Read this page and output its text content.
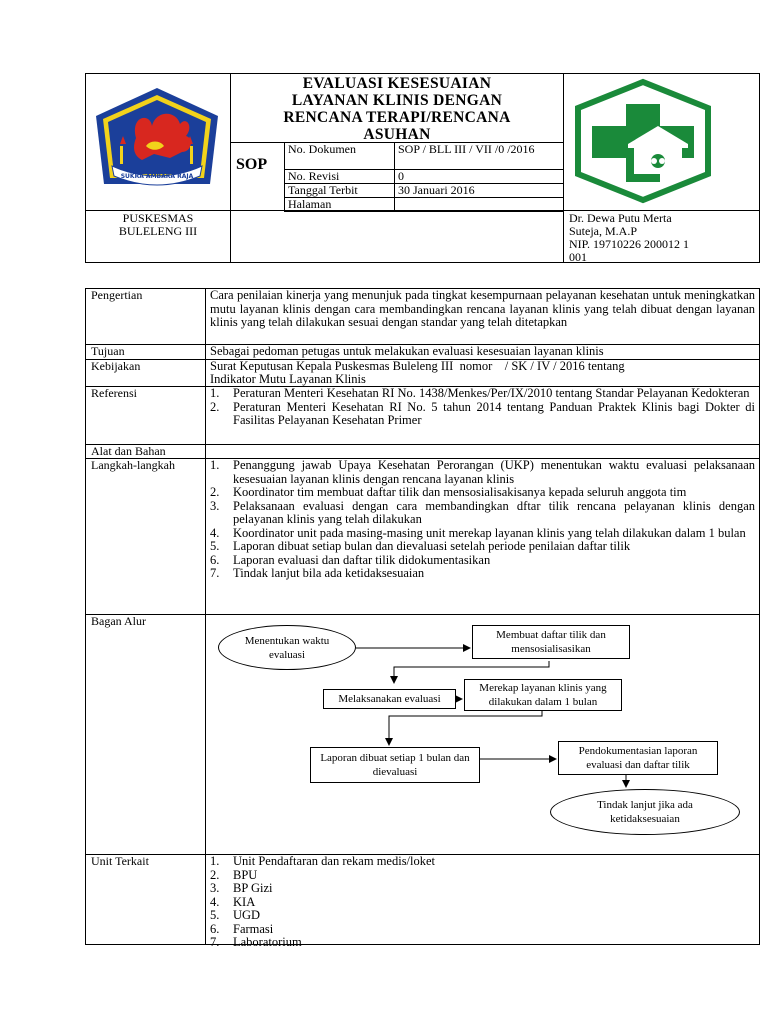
SUKRA AMBARA RAJA
EVALUASI KESESUAIAN
LAYANAN KLINIS DENGAN
RENCANA TERAPI/RENCANA
ASUHAN
SOP
No. Dokumen	SOP / BLL III / VII /0 /2016
No. Revisi	0
Tanggal Terbit	30 Januari 2016
Halaman	
PUSKESMAS
BULELENG III
Dr. Dewa Putu Merta
Suteja, M.A.P
NIP. 19710226 200012 1
001
Pengertian	Cara penilaian kinerja yang menunjuk pada tingkat kesempurnaan pelayanan kesehatan untuk meningkatkan mutu layanan klinis dengan cara membandingkan rencana layanan klinis yang telah dibuat dengan layanan klinis yang telah dilakukan sesuai dengan standar yang telah ditetapkan
Tujuan	Sebagai pedoman petugas untuk melakukan evaluasi kesesuaian layanan klinis
Kebijakan	Surat Keputusan Kepala Puskesmas Buleleng III  nomor    / SK / IV / 2016 tentang
Indikator Mutu Layanan Klinis
Referensi	1. Peraturan Menteri Kesehatan RI No. 1438/Menkes/Per/IX/2010 tentang Standar Pelayanan Kedokteran
2. Peraturan Menteri Kesehatan RI No. 5 tahun 2014 tentang Panduan Praktek Klinis bagi Dokter di Fasilitas Pelayanan Kesehatan Primer
Alat dan Bahan
Langkah-langkah	1. Penanggung jawab Upaya Kesehatan Perorangan (UKP) menentukan waktu evaluasi pelaksanaan kesesuaian layanan klinis dengan rencana layanan klinis
2. Koordinator tim membuat daftar tilik dan mensosialisakisanya kepada seluruh anggota tim
3. Pelaksanaan evaluasi dengan cara membandingkan dftar tilik rencana pelayanan klinis dengan pelayanan klinis yang telah dilakukan
4. Koordinator unit pada masing-masing unit merekap layanan klinis yang telah dilakukan dalam 1 bulan
5. Laporan dibuat setiap bulan dan dievaluasi setelah periode penilaian daftar tilik
6. Laporan evaluasi dan daftar tilik didokumentasikan
7. Tindak lanjut bila ada ketidaksesuaian
Bagan Alur
Menentukan waktu evaluasi
Membuat daftar tilik dan mensosialisasikan
Melaksanakan evaluasi
Merekap layanan klinis yang dilakukan dalam 1 bulan
Laporan dibuat setiap 1 bulan dan dievaluasi
Pendokumentasian laporan evaluasi dan daftar tilik
Tindak lanjut jika ada ketidaksesuaian
Unit Terkait	1. Unit Pendaftaran dan rekam medis/loket
2. BPU
3. BP Gizi
4. KIA
5. UGD
6. Farmasi
7. Laboratorium
